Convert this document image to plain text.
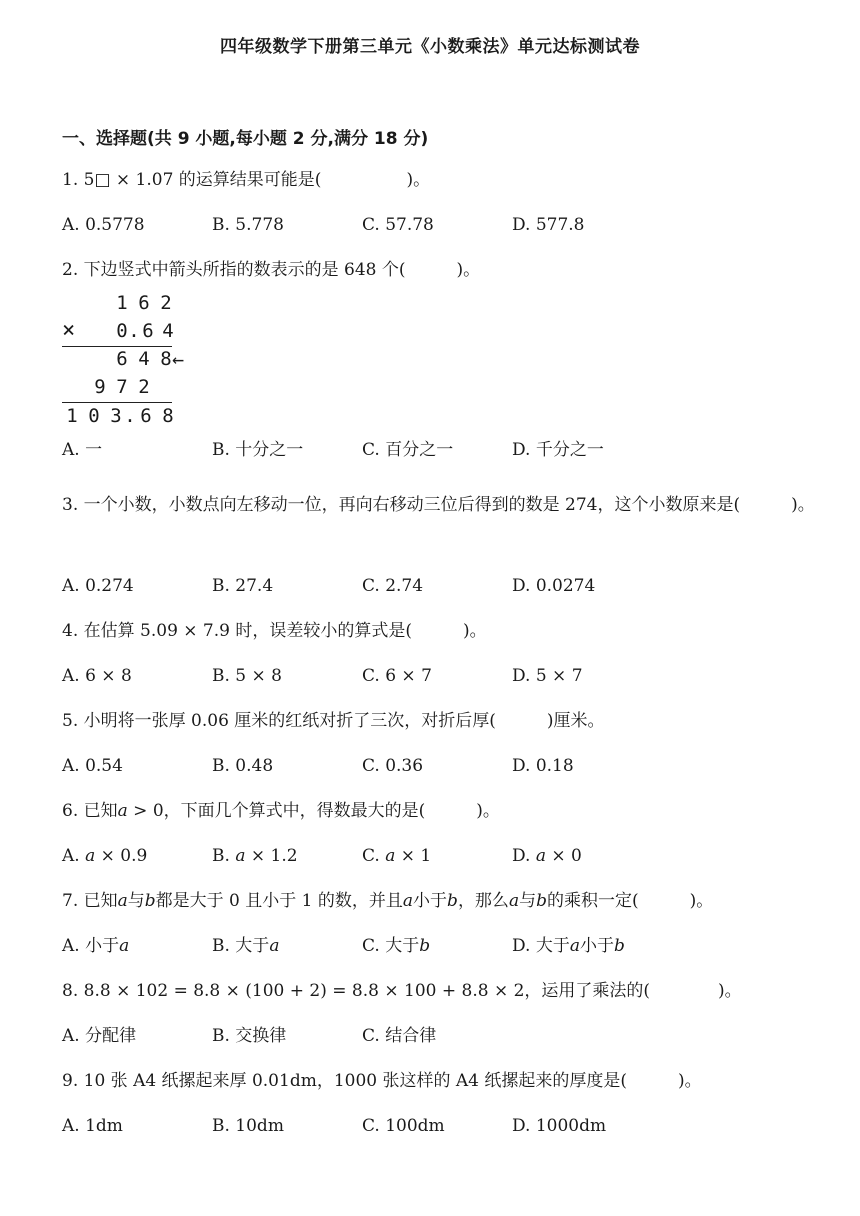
四年级数学下册第三单元《小数乘法》单元达标测试卷
一、选择题(共 9 小题,每小题 2 分,满分 18 分)
1. 5□ × 1.07 的运算结果可能是(　　　　　)。
A. 0.5778	B. 5.778	C. 57.78	D. 577.8
2. 下边竖式中箭头所指的数表示的是 648 个(　　　)。
1 6 2
× 0 . 6 4
6 4 8 ←
9 7 2
1 0 3 . 6 8
A. 一	B. 十分之一	C. 百分之一	D. 千分之一
3. 一个小数，小数点向左移动一位，再向右移动三位后得到的数是 274，这个小数原来是(　　　)。
A. 0.274	B. 27.4	C. 2.74	D. 0.0274
4. 在估算 5.09 × 7.9 时，误差较小的算式是(　　　)。
A. 6 × 8	B. 5 × 8	C. 6 × 7	D. 5 × 7
5. 小明将一张厚 0.06 厘米的红纸对折了三次，对折后厚(　　　)厘米。
A. 0.54	B. 0.48	C. 0.36	D. 0.18
6. 已知a > 0，下面几个算式中，得数最大的是(　　　)。
A. a × 0.9	B. a × 1.2	C. a × 1	D. a × 0
7. 已知a与b都是大于 0 且小于 1 的数，并且a小于b，那么a与b的乘积一定(　　　)。
A. 小于a	B. 大于a	C. 大于b	D. 大于a小于b
8. 8.8 × 102 = 8.8 × (100 + 2) = 8.8 × 100 + 8.8 × 2，运用了乘法的(　　　　)。
A. 分配律	B. 交换律	C. 结合律
9. 10 张 A4 纸摞起来厚 0.01dm，1000 张这样的 A4 纸摞起来的厚度是(　　　)。
A. 1dm	B. 10dm	C. 100dm	D. 1000dm
